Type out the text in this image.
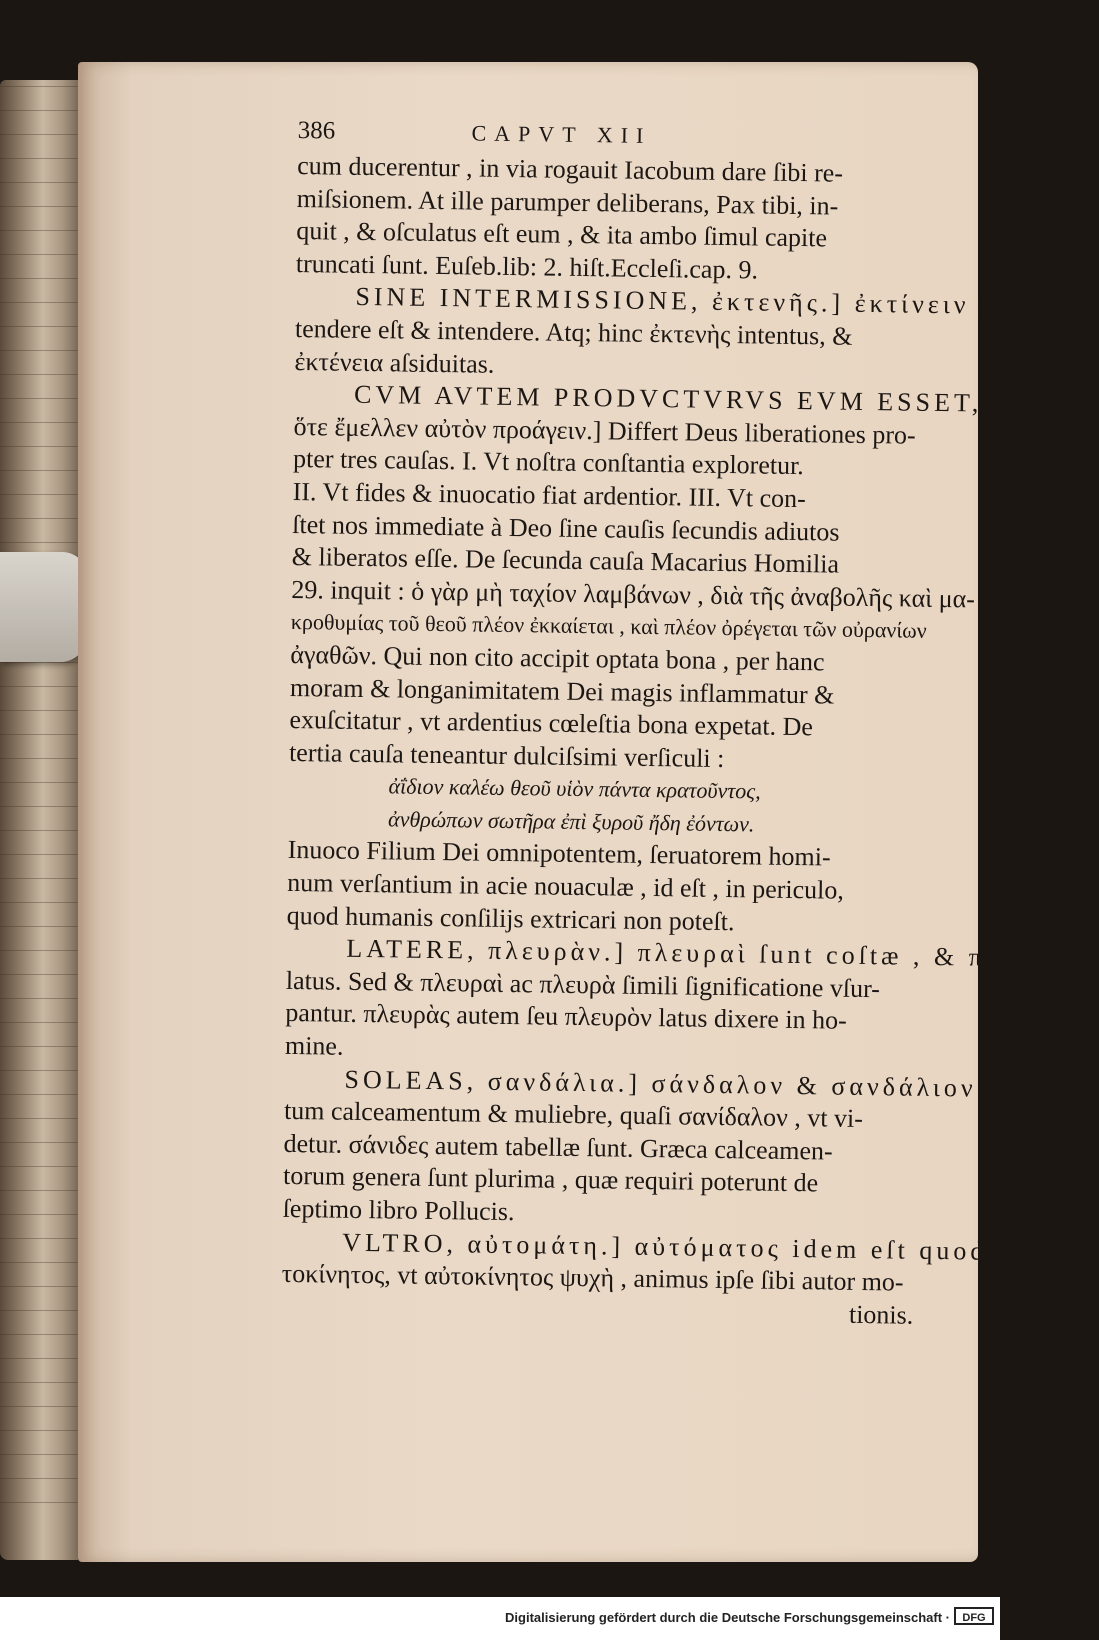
386	CAPVT XII
cum ducerentur , in via rogauit Iacobum dare ſibi re-
miſsionem. At ille parumper deliberans, Pax tibi, in-
quit , & oſculatus eſt eum , & ita ambo ſimul capite
truncati ſunt. Euſeb.lib: 2. hiſt.Eccleſi.cap. 9.
SINE INTERMISSIONE, ἐκτενῆς.] ἐκτίνειν Ex-
tendere eſt & intendere. Atq; hinc ἐκτενὴς intentus, &
ἐκτένεια aſsiduitas.
CVM AVTEM PRODVCTVRVS EVM ESSET,
ὅτε ἔμελλεν αὐτὸν προάγειν.] Differt Deus liberationes pro-
pter tres cauſas. I. Vt noſtra conſtantia exploretur.
II. Vt fides & inuocatio fiat ardentior. III. Vt con-
ſtet nos immediate à Deo ſine cauſis ſecundis adiutos
& liberatos eſſe. De ſecunda cauſa Macarius Homilia
29. inquit : ὁ γὰρ μὴ ταχίον λαμβάνων , διὰ τῆς ἀναβολῆς καὶ μα-
κροθυμίας τοῦ θεοῦ πλέον ἐκκαίεται , καὶ πλέον ὀρέγεται τῶν οὐρανίων
ἀγαθῶν. Qui non cito accipit optata bona , per hanc
moram & longanimitatem Dei magis inflammatur &
exuſcitatur , vt ardentius cœleſtia bona expetat. De
tertia cauſa teneantur dulciſsimi verſiculi :
ἀΐδιον καλέω θεοῦ υἱὸν πάντα κρατοῦντος,
ἀνθρώπων σωτῆρα ἐπὶ ξυροῦ ἤδη ἐόντων.
Inuoco Filium Dei omnipotentem, ſeruatorem homi-
num verſantium in acie nouaculæ , id eſt , in periculo,
quod humanis conſilijs extricari non poteſt.
LATERE, πλευρὰν.] πλευραὶ ſunt coſtæ , & πλευρὸν
latus. Sed & πλευραὶ ac πλευρὰ ſimili ſignificatione vſur-
pantur. πλευρὰς autem ſeu πλευρὸν latus dixere in ho-
mine.
SOLEAS, σανδάλια.] σάνδαλον & σανδάλιον delica-
tum calceamentum & muliebre, quaſi σανίδαλον , vt vi-
detur. σάνιδες autem tabellæ ſunt. Græca calceamen-
torum genera ſunt plurima , quæ requiri poterunt de
ſeptimo libro Pollucis.
VLTRO, αὐτομάτη.] αὐτόματος idem eſt quod αὐ-
τοκίνητος, vt αὐτοκίνητος ψυχὴ , animus ipſe ſibi autor mo-
tionis.
Digitalisierung gefördert durch die Deutsche Forschungsgemeinschaft ·	DFG
